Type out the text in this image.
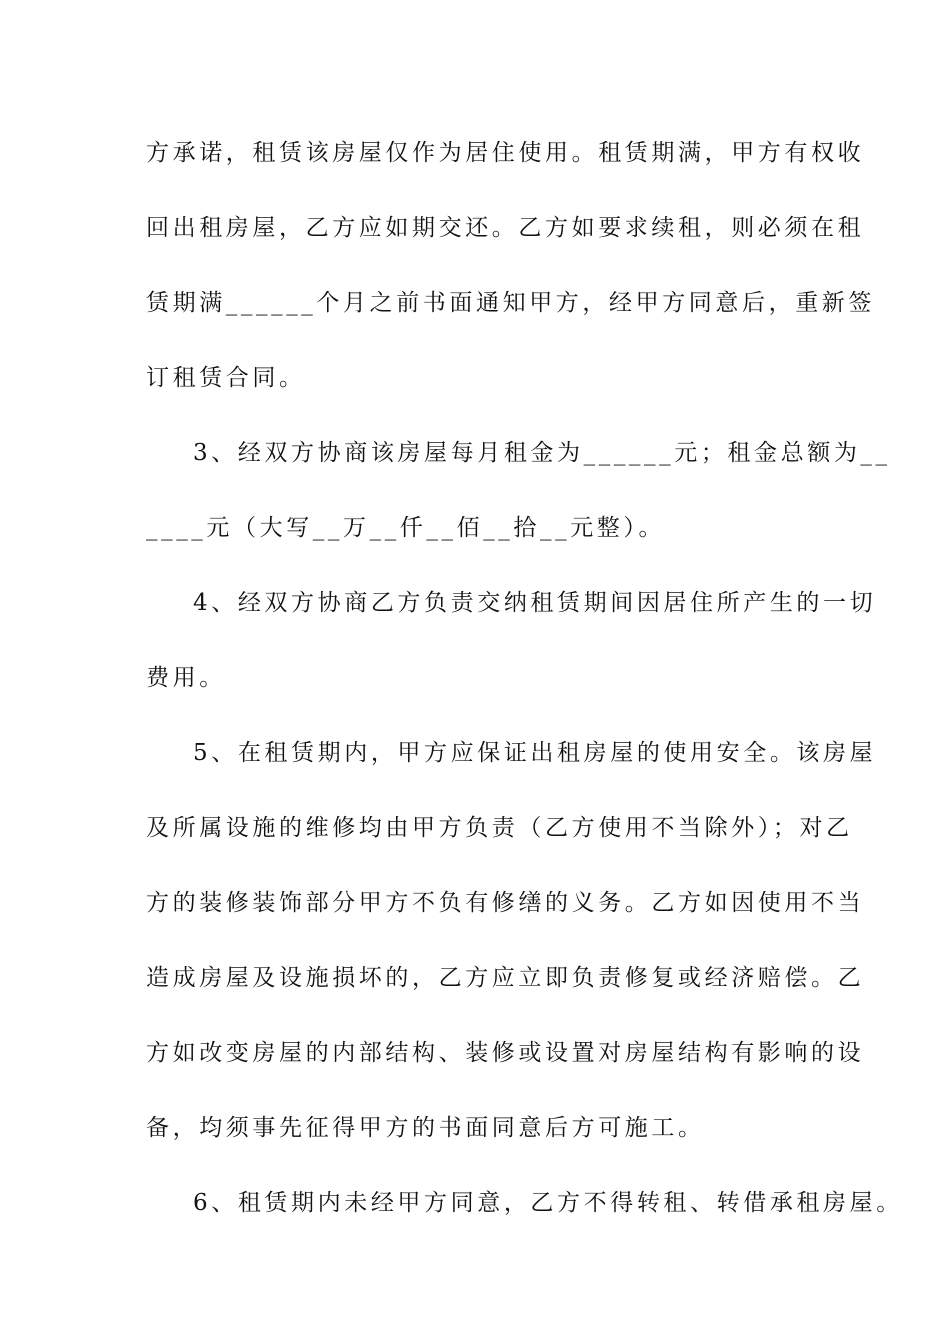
方承诺，租赁该房屋仅作为居住使用。租赁期满，甲方有权收

回出租房屋，乙方应如期交还。乙方如要求续租，则必须在租

赁期满______个月之前书面通知甲方，经甲方同意后，重新签

订租赁合同。

3、经双方协商该房屋每月租金为______元；租金总额为__

____元（大写__万__仟__佰__拾__元整）。

4、经双方协商乙方负责交纳租赁期间因居住所产生的一切

费用。

5、在租赁期内，甲方应保证出租房屋的使用安全。该房屋

及所属设施的维修均由甲方负责（乙方使用不当除外）；对乙

方的装修装饰部分甲方不负有修缮的义务。乙方如因使用不当

造成房屋及设施损坏的，乙方应立即负责修复或经济赔偿。乙

方如改变房屋的内部结构、装修或设置对房屋结构有影响的设

备，均须事先征得甲方的书面同意后方可施工。

6、租赁期内未经甲方同意，乙方不得转租、转借承租房屋。
